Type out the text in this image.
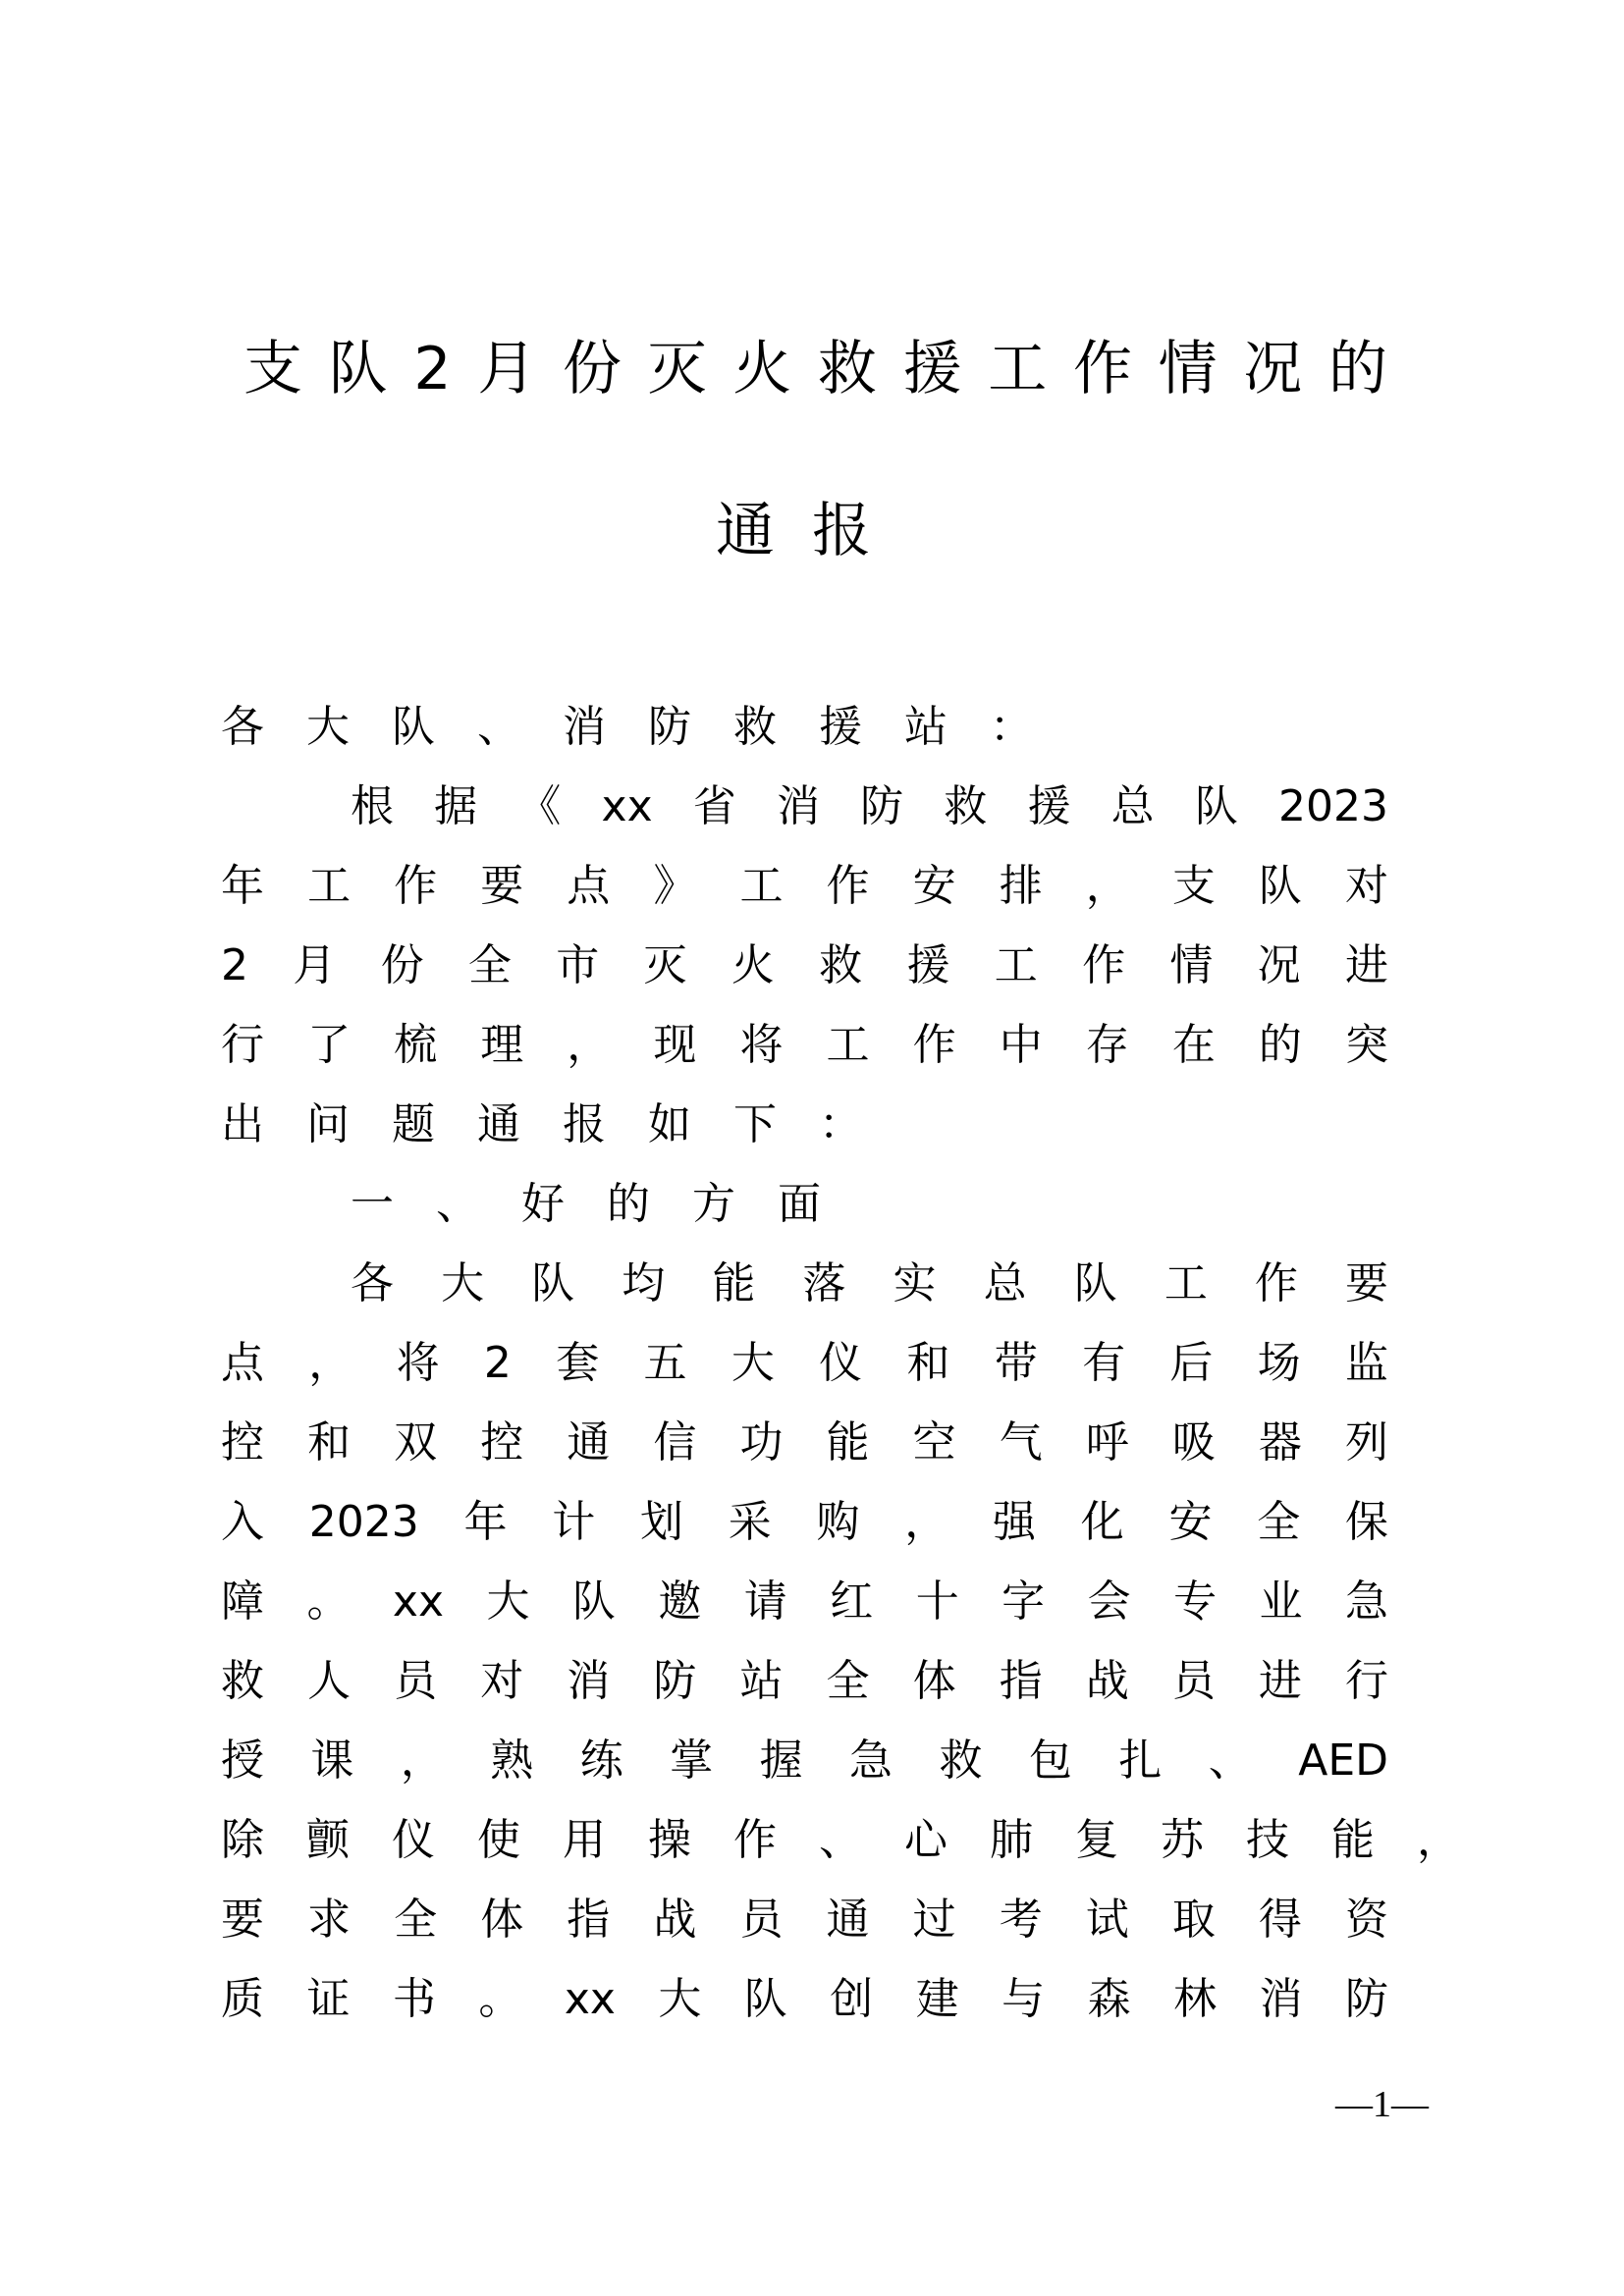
支队2月份灭火救援工作情况的
通报
各大队、消防救援站：
根据《xx省消防救援总队2023
年工作要点》工作安排，支队对
2月份全市灭火救援工作情况进
行了梳理，现将工作中存在的突
出问题通报如下：
一、好的方面
各大队均能落实总队工作要
点，将2套五大仪和带有后场监
控和双控通信功能空气呼吸器列
入2023年计划采购，强化安全保
障。xx大队邀请红十字会专业急
救人员对消防站全体指战员进行
授课，熟练掌握急救包扎、AED
除颤仪使用操作、心肺复苏技能，
要求全体指战员通过考试取得资
质证书。xx大队创建与森林消防
—1—
